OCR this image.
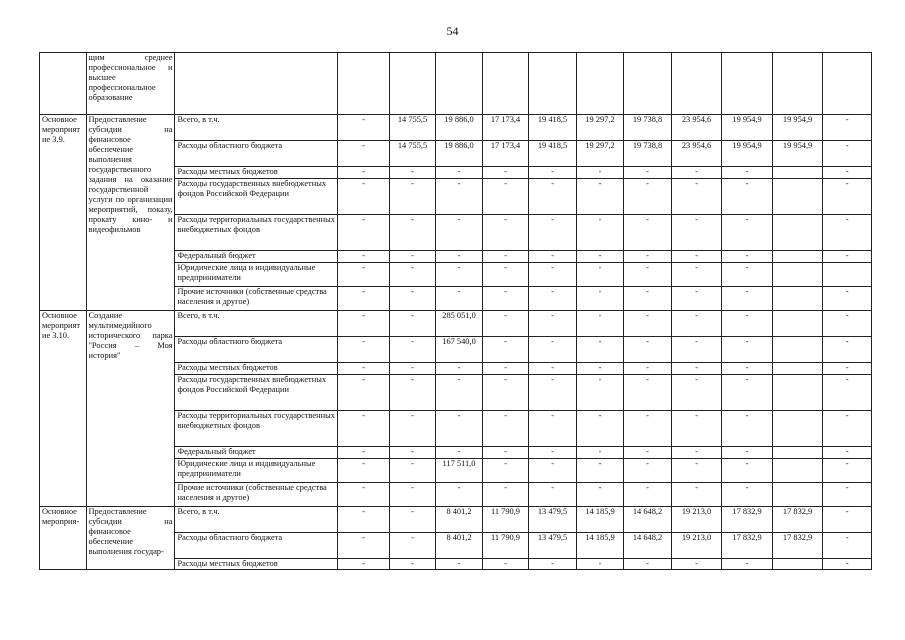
54
	щим среднее профессиональное и высшее профессиональное образование												
Основное мероприятие 3.9.	Предоставление субсидии на финансовое обеспечение выполнения государственного задания на оказание государственной услуги по организации мероприятий, показу, прокату кино- и видеофильмов	Всего, в т.ч.	-	14 755,5	19 886,0	17 173,4	19 418,5	19 297,2	19 738,8	23 954,6	19 954,9	19 954,9	-
		Расходы областного бюджета	-	14 755,5	19 886,0	17 173,4	19 418,5	19 297,2	19 738,8	23 954,6	19 954,9	19 954,9	-
		Расходы местных бюджетов	-	-	-	-	-	-	-	-	-		-
		Расходы государственных внебюджетных фондов Российской Федерации	-	-	-	-	-	-	-	-	-		-
		Расходы территориальных государственных внебюджетных фондов	-	-	-	-	-	-	-	-	-		-
		Федеральный бюджет	-	-	-	-	-	-	-	-	-		-
		Юридические лица и индивидуальные предприниматели	-	-	-	-	-	-	-	-	-		
		Прочие источники (собственные средства населения и другое)	-	-	-	-	-	-	-	-	-		-
Основное мероприятие 3.10.	Создание мультимедийного исторического парка "Россия – Моя история"	Всего, в т.ч.	-	-	285 051,0	-	-	-	-	-	-		-
		Расходы областного бюджета	-	-	167 540,0	-	-	-	-	-	-		-
		Расходы местных бюджетов	-	-	-	-	-	-	-	-	-		-
		Расходы государственных внебюджетных фондов Российской Федерации	-	-	-	-	-	-	-	-	-		-
		Расходы территориальных государственных внебюджетных фондов	-	-	-	-	-	-	-	-	-		-
		Федеральный бюджет	-	-	-	-	-	-	-	-	-		-
		Юридические лица и индивидуальные предприниматели	-	-	117 511,0	-	-	-	-	-	-		-
		Прочие источники (собственные средства населения и другое)	-	-	-	-	-	-	-	-	-		-
Основное мероприя-	Предоставление субсидии на финансовое обеспечение выполнения государ-	Всего, в т.ч.	-	-	8 401,2	11 790,9	13 479,5	14 185,9	14 648,2	19 213,0	17 832,9	17 832,9	-
		Расходы областного бюджета	-	-	8 401,2	11 790,9	13 479,5	14 185,9	14 648,2	19 213,0	17 832,9	17 832,9	-
		Расходы местных бюджетов	-	-	-	-	-	-	-	-	-		-
